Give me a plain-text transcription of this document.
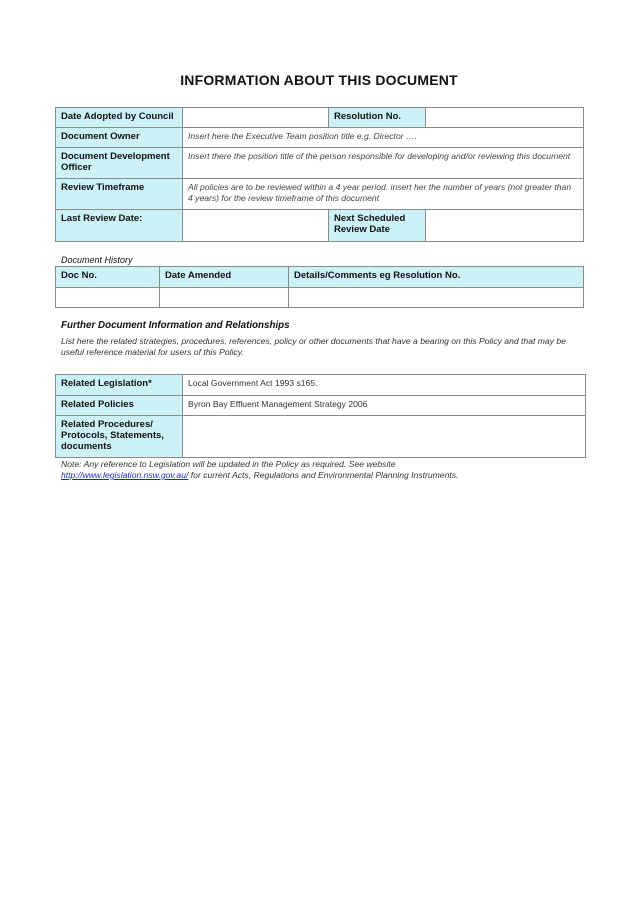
INFORMATION ABOUT THIS DOCUMENT
Date Adopted by Council		Resolution No.	
Document Owner	Insert here the Executive Team position title e.g. Director ….		
Document Development Officer	Insert there the position title of the person responsible for developing and/or reviewing this document		
Review Timeframe	All policies are to be reviewed within a 4 year period. insert her the number of years (not greater than 4 years) for the review timeframe of this document		
Last Review Date:		Next Scheduled Review Date	
Document History
Doc No.	Date Amended	Details/Comments eg Resolution No.

Further Document Information and Relationships
List here the related strategies, procedures, references, policy or other documents that have a bearing on this Policy and that may be useful reference material for users of this Policy.
Related Legislation*	Local Government Act 1993 s165.
Related Policies	Byron Bay Effluent Management Strategy 2006
Related Procedures/ Protocols, Statements, documents	
Note: Any reference to Legislation will be updated in the Policy as required. See website
http://www.legislation.nsw.gov.au/ for current Acts, Regulations and Environmental Planning Instruments.
